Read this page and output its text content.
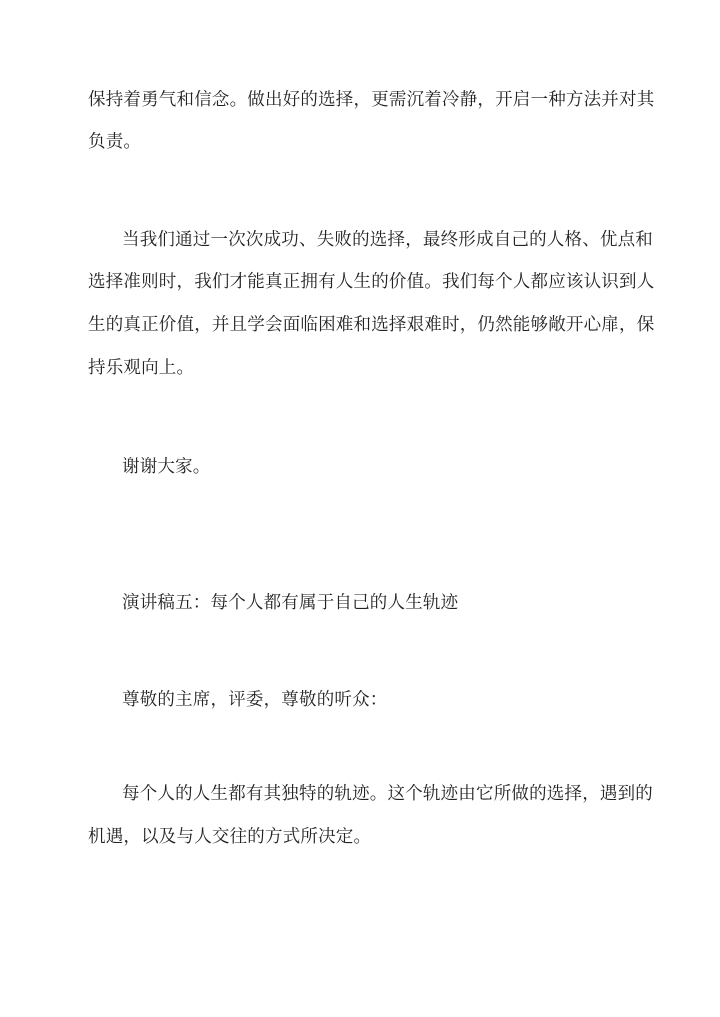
保持着勇气和信念。做出好的选择，更需沉着冷静，开启一种方法并对其
负责。
当我们通过一次次成功、失败的选择，最终形成自己的人格、优点和
选择准则时，我们才能真正拥有人生的价值。我们每个人都应该认识到人
生的真正价值，并且学会面临困难和选择艰难时，仍然能够敞开心扉，保
持乐观向上。
谢谢大家。
演讲稿五：每个人都有属于自己的人生轨迹
尊敬的主席，评委，尊敬的听众：
每个人的人生都有其独特的轨迹。这个轨迹由它所做的选择，遇到的
机遇，以及与人交往的方式所决定。
